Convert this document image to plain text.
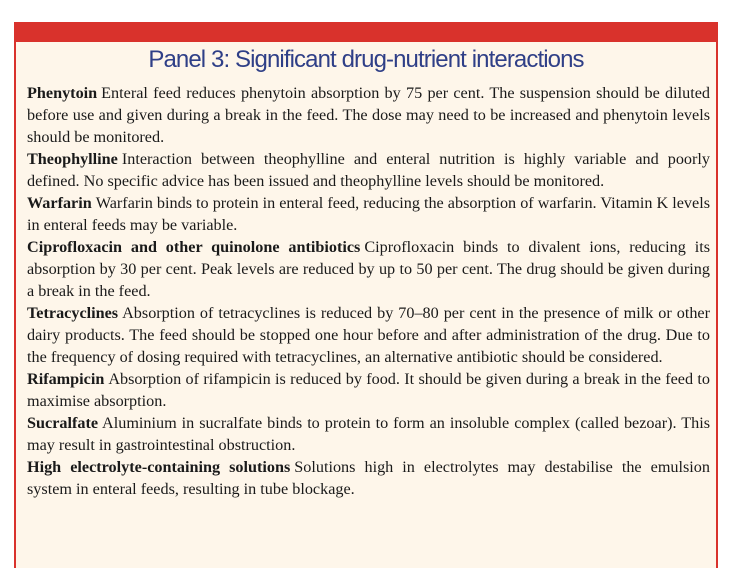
Panel 3: Significant drug-nutrient interactions

Phenytoin Enteral feed reduces phenytoin absorption by 75 per cent. The suspension should be diluted before use and given during a break in the feed. The dose may need to be increased and phenytoin levels should be monitored.

Theophylline Interaction between theophylline and enteral nutrition is highly variable and poorly defined. No specific advice has been issued and theophylline levels should be monitored.

Warfarin Warfarin binds to protein in enteral feed, reducing the absorption of warfarin. Vitamin K levels in enteral feeds may be variable.

Ciprofloxacin and other quinolone antibiotics Ciprofloxacin binds to divalent ions, reducing its absorption by 30 per cent. Peak levels are reduced by up to 50 per cent. The drug should be given during a break in the feed.

Tetracyclines Absorption of tetracyclines is reduced by 70–80 per cent in the presence of milk or other dairy products. The feed should be stopped one hour before and after administration of the drug. Due to the frequency of dosing required with tetracyclines, an alternative antibiotic should be considered.

Rifampicin Absorption of rifampicin is reduced by food. It should be given during a break in the feed to maximise absorption.

Sucralfate Aluminium in sucralfate binds to protein to form an insoluble complex (called bezoar). This may result in gastrointestinal obstruction.

High electrolyte-containing solutions Solutions high in electrolytes may destabilise the emulsion system in enteral feeds, resulting in tube blockage.
